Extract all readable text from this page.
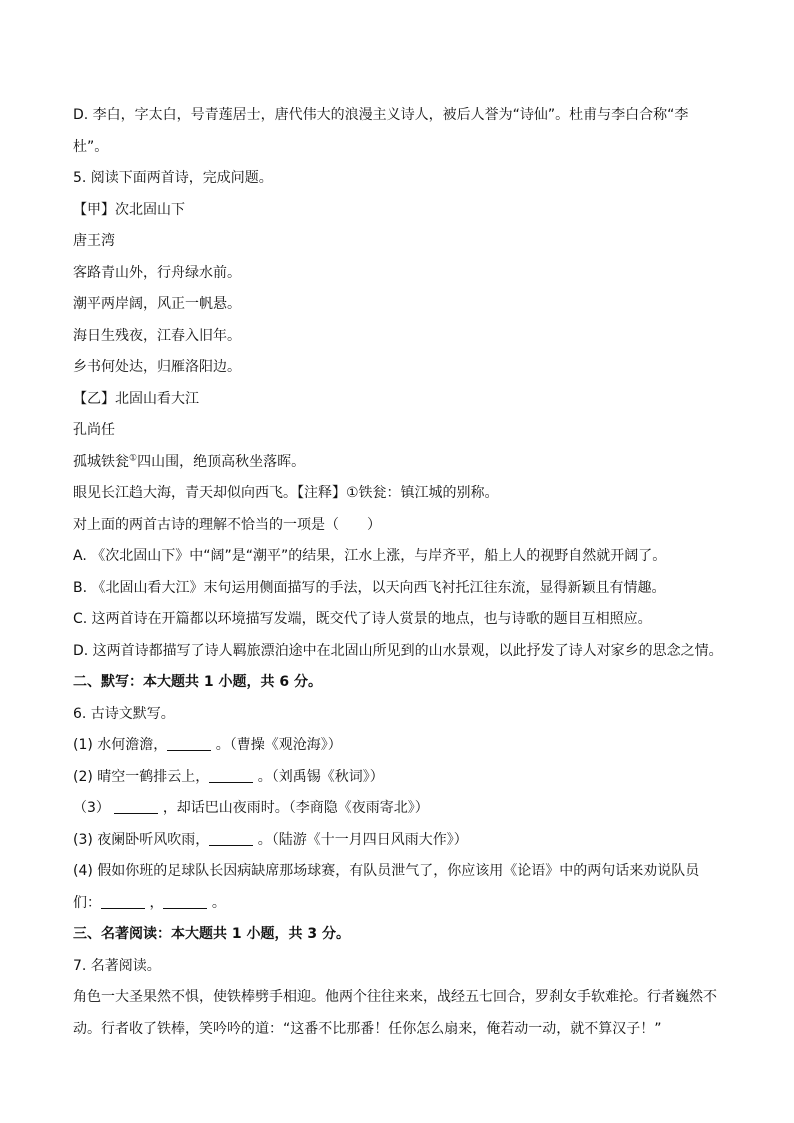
D. 李白，字太白，号青莲居士，唐代伟大的浪漫主义诗人，被后人誉为“诗仙”。杜甫与李白合称“李
杜”。
5. 阅读下面两首诗，完成问题。
【甲】次北固山下
唐王湾
客路青山外，行舟绿水前。
潮平两岸阔，风正一帆悬。
海日生残夜，江春入旧年。
乡书何处达，归雁洛阳边。
【乙】北固山看大江
孔尚任
孤城铁瓮①四山围，绝顶高秋坐落晖。
眼见长江趋大海，青天却似向西飞。【注释】①铁瓮：镇江城的别称。
对上面的两首古诗的理解不恰当的一项是（　　）
A. 《次北固山下》中“阔”是“潮平”的结果，江水上涨，与岸齐平，船上人的视野自然就开阔了。
B. 《北固山看大江》末句运用侧面描写的手法，以天向西飞衬托江往东流，显得新颖且有情趣。
C. 这两首诗在开篇都以环境描写发端，既交代了诗人赏景的地点，也与诗歌的题目互相照应。
D. 这两首诗都描写了诗人羁旅漂泊途中在北固山所见到的山水景观，以此抒发了诗人对家乡的思念之情。
二、默写：本大题共 1 小题，共 6 分。
6. 古诗文默写。
(1) 水何澹澹，	。（曹操《观沧海》）
(2) 晴空一鹤排云上，	。（刘禹锡《秋词》）
（3）	，却话巴山夜雨时。（李商隐《夜雨寄北》）
(3) 夜阑卧听风吹雨，	。（陆游《十一月四日风雨大作》）
(4) 假如你班的足球队长因病缺席那场球赛，有队员泄气了，你应该用《论语》中的两句话来劝说队员
们：	，	。
三、名著阅读：本大题共 1 小题，共 3 分。
7. 名著阅读。
角色一大圣果然不惧，使铁棒劈手相迎。他两个往往来来，战经五七回合，罗刹女手软难抡。行者巍然不
动。行者收了铁棒，笑吟吟的道：“这番不比那番！任你怎么扇来，俺若动一动，就不算汉子！”
